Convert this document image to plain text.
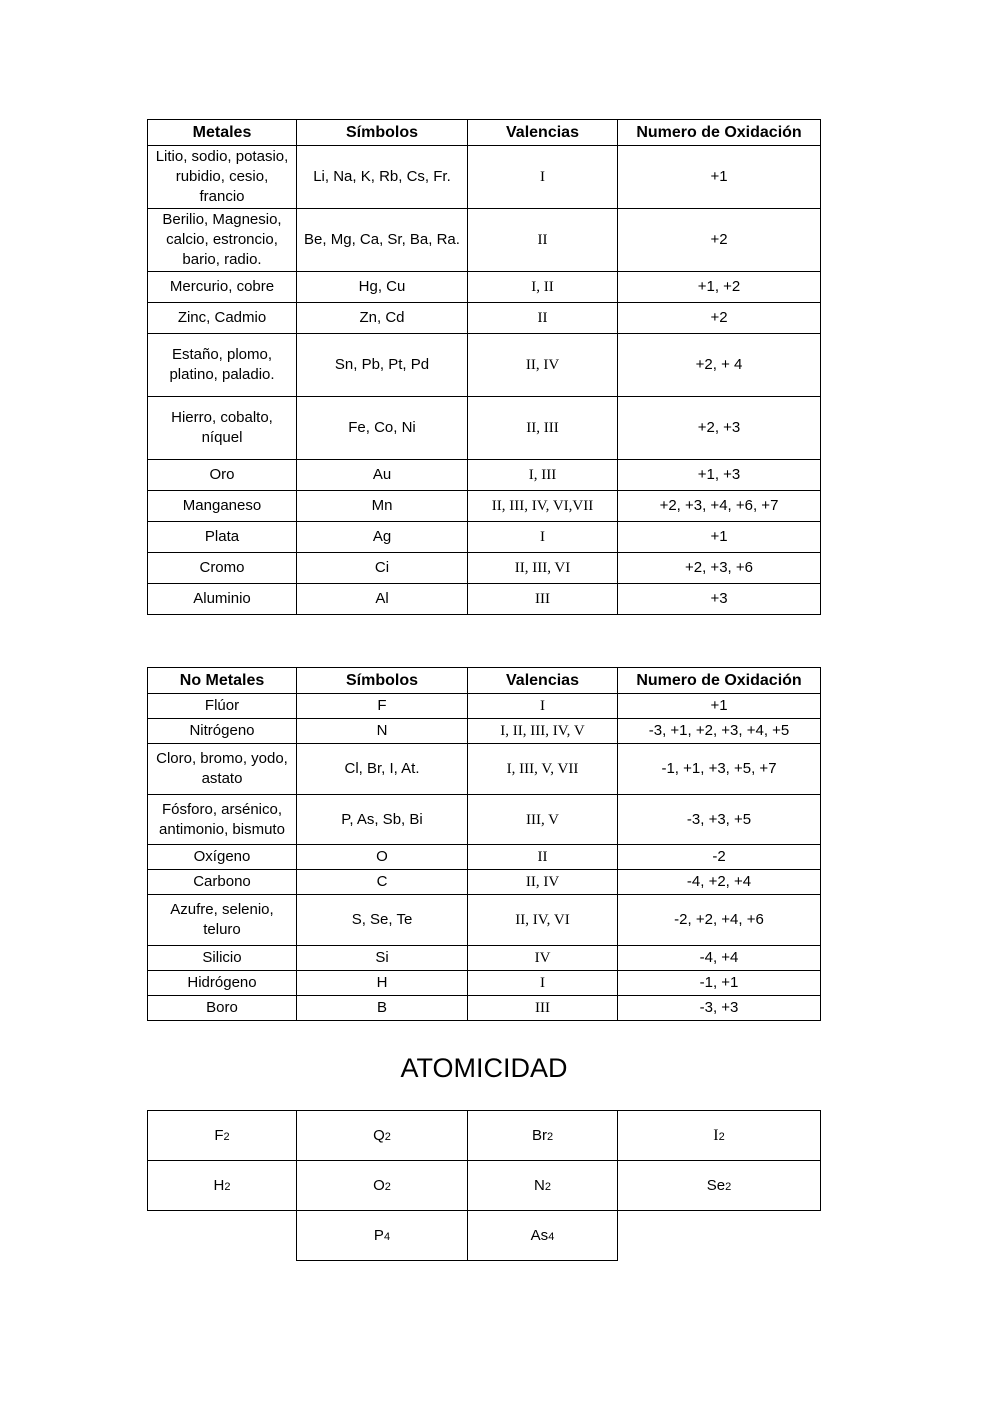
Metales	Símbolos	Valencias	Numero de Oxidación
Litio, sodio, potasio, rubidio, cesio, francio	Li, Na, K, Rb, Cs, Fr.	I	+1
Berilio, Magnesio, calcio, estroncio, bario, radio.	Be, Mg, Ca, Sr, Ba, Ra.	II	+2
Mercurio, cobre	Hg, Cu	I, II	+1, +2
Zinc, Cadmio	Zn, Cd	II	+2
Estaño, plomo, platino, paladio.	Sn, Pb, Pt, Pd	II, IV	+2, + 4
Hierro, cobalto, níquel	Fe, Co, Ni	II, III	+2, +3
Oro	Au	I, III	+1, +3
Manganeso	Mn	II, III, IV, VI,VII	+2, +3, +4, +6, +7
Plata	Ag	I	+1
Cromo	Ci	II, III, VI	+2, +3, +6
Aluminio	Al	III	+3
No Metales	Símbolos	Valencias	Numero de Oxidación
Flúor	F	I	+1
Nitrógeno	N	I, II, III, IV, V	-3, +1, +2, +3, +4, +5
Cloro, bromo, yodo, astato	Cl, Br, I, At.	I, III, V, VII	-1, +1, +3, +5, +7
Fósforo, arsénico, antimonio, bismuto	P, As, Sb, Bi	III, V	-3, +3, +5
Oxígeno	O	II	-2
Carbono	C	II, IV	-4, +2, +4
Azufre, selenio, teluro	S, Se, Te	II, IV, VI	-2, +2, +4, +6
Silicio	Si	IV	-4, +4
Hidrógeno	H	I	-1, +1
Boro	B	III	-3, +3
ATOMICIDAD
F2	Q2	Br2	I2
H2	O2	N2	Se2
	P4	As4	
